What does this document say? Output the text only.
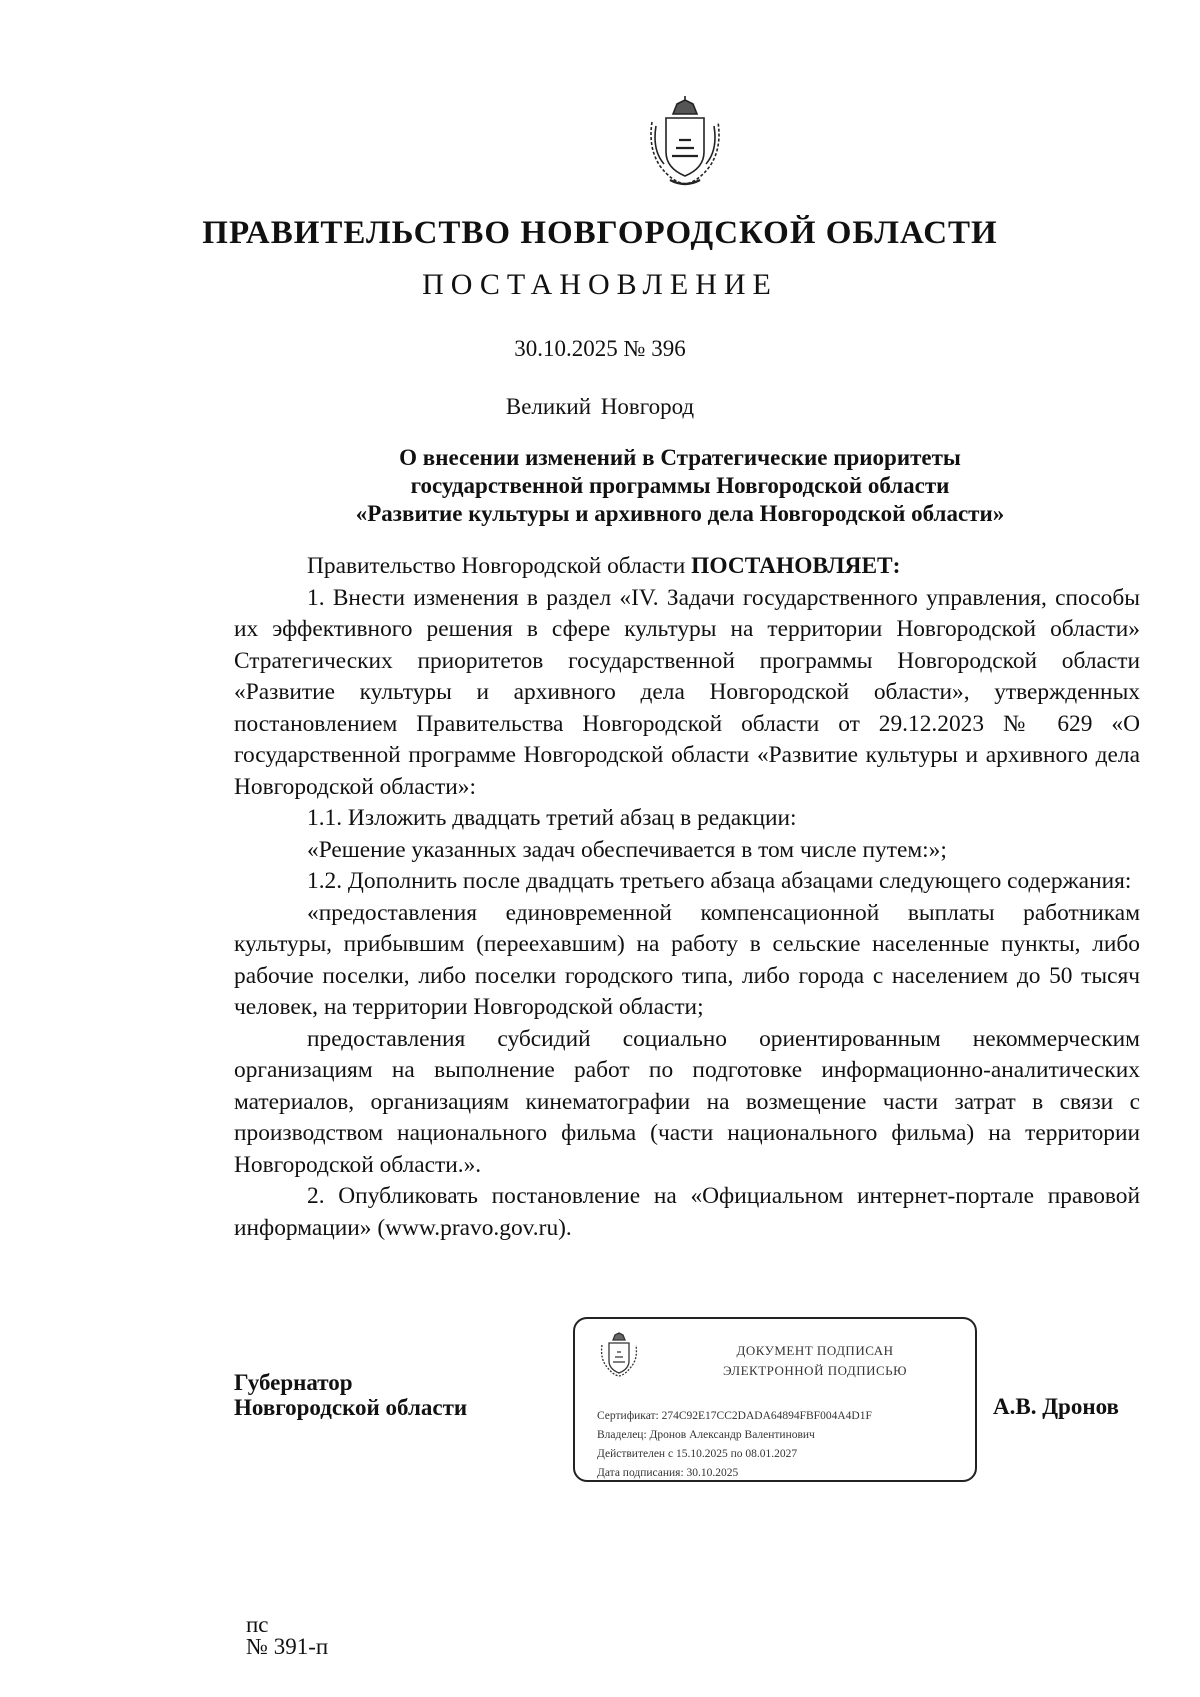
ПРАВИТЕЛЬСТВО НОВГОРОДСКОЙ ОБЛАСТИ
ПОСТАНОВЛЕНИЕ
30.10.2025 № 396
Великий Новгород
О внесении изменений в Стратегические приоритеты
государственной программы Новгородской области
«Развитие культуры и архивного дела Новгородской области»

Правительство Новгородской области ПОСТАНОВЛЯЕТ:

1. Внести изменения в раздел «IV. Задачи государственного управления, способы их эффективного решения в сфере культуры на территории Новгородской области» Стратегических приоритетов государственной программы Новгородской области «Развитие культуры и архивного дела Новгородской области», утвержденных постановлением Правительства Новгородской области от 29.12.2023 № 629 «О государственной программе Новгородской области «Развитие культуры и архивного дела Новгородской области»:

1.1. Изложить двадцать третий абзац в редакции:

«Решение указанных задач обеспечивается в том числе путем:»;

1.2. Дополнить после двадцать третьего абзаца абзацами следующего содержания:

«предоставления единовременной компенсационной выплаты работникам культуры, прибывшим (переехавшим) на работу в сельские населенные пункты, либо рабочие поселки, либо поселки городского типа, либо города с населением до 50 тысяч человек, на территории Новгородской области;

предоставления субсидий социально ориентированным некоммерческим организациям на выполнение работ по подготовке информационно-аналитических материалов, организациям кинематографии на возмещение части затрат в связи с производством национального фильма (части национального фильма) на территории Новгородской области.».

2. Опубликовать постановление на «Официальном интернет-портале правовой информации» (www.pravo.gov.ru).

Губернатор
Новгородской области
ДОКУМЕНТ ПОДПИСАН
ЭЛЕКТРОННОЙ ПОДПИСЬЮ
Сертификат: 274C92E17CC2DADA64894FBF004A4D1F
Владелец: Дронов Александр Валентинович
Действителен с 15.10.2025 по 08.01.2027
Дата подписания: 30.10.2025
А.В. Дронов
пс
№ 391-п
